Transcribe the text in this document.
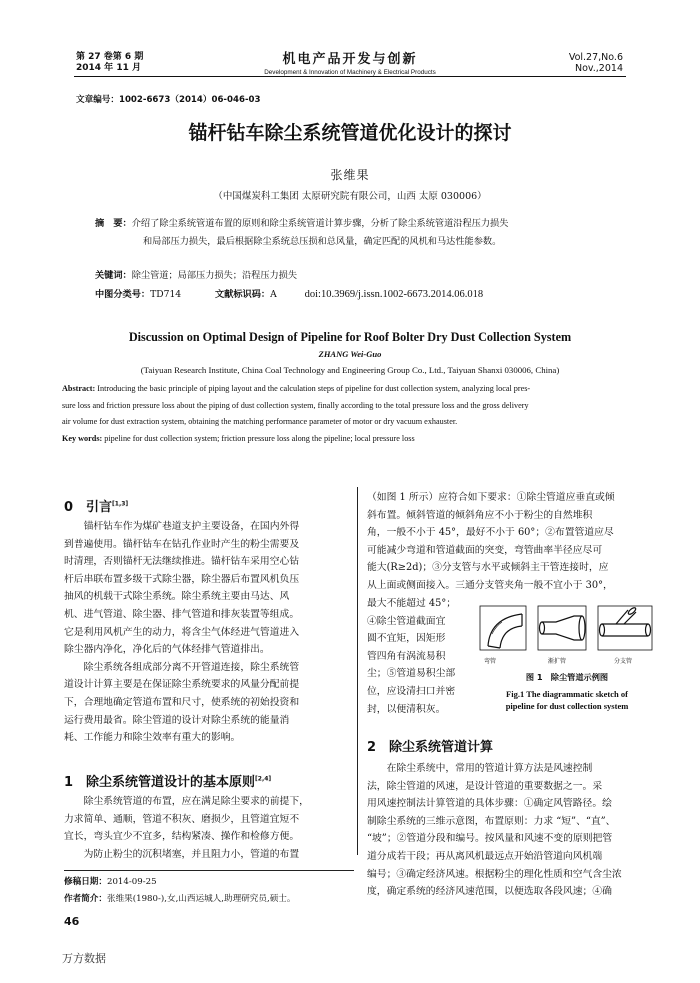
第 27 卷第 6 期
2014 年 11 月
机电产品开发与创新
Development & Innovation of Machinery & Electrical Products
Vol.27,No.6
Nov.,2014
文章编号：1002-6673（2014）06-046-03
锚杆钻车除尘系统管道优化设计的探讨
张维果
（中国煤炭科工集团 太原研究院有限公司，山西 太原 030006）
摘　要：介绍了除尘系统管道布置的原则和除尘系统管道计算步骤，分析了除尘系统管道沿程压力损失
和局部压力损失，最后根据除尘系统总压损和总风量，确定匹配的风机和马达性能参数。
关键词：除尘管道；局部压力损失；沿程压力损失
中图分类号：TD714	文献标识码：A	doi:10.3969/j.issn.1002-6673.2014.06.018
Discussion on Optimal Design of Pipeline for Roof Bolter Dry Dust Collection System
ZHANG Wei-Guo
(Taiyuan Research Institute, China Coal Technology and Engineering Group Co., Ltd., Taiyuan Shanxi 030006, China)
Abstract: Introducing the basic principle of piping layout and the calculation steps of pipeline for dust collection system, analyzing local pres-
sure loss and friction pressure loss about the piping of dust collection system, finally according to the total pressure loss and the gross delivery
air volume for dust extraction system, obtaining the matching performance parameter of motor or dry vacuum exhauster.
Key words: pipeline for dust collection system; friction pressure loss along the pipeline; local pressure loss
0　引言[1,3]
锚杆钻车作为煤矿巷道支护主要设备，在国内外得
到普遍使用。锚杆钻车在钻孔作业时产生的粉尘需要及
时清理，否则锚杆无法继续推进。锚杆钻车采用空心钻
杆后串联布置多级干式除尘器，除尘器后布置风机负压
抽风的机载干式除尘系统。除尘系统主要由马达、风
机、进气管道、除尘器、排气管道和排灰装置等组成。
它是利用风机产生的动力，将含尘气体经进气管道进入
除尘器内净化，净化后的气体经排气管道排出。
除尘系统各组成部分离不开管道连接，除尘系统管
道设计计算主要是在保证除尘系统要求的风量分配前提
下，合理地确定管道布置和尺寸，使系统的初始投资和
运行费用最省。除尘管道的设计对除尘系统的能量消
耗、工作能力和除尘效率有重大的影响。
1　除尘系统管道设计的基本原则[2,4]
除尘系统管道的布置，应在满足除尘要求的前提下，
力求简单、通顺，管道不积灰、磨损少，且管道宜短不
宜长，弯头宜少不宜多，结构紧凑、操作和检修方便。
为防止粉尘的沉积堵塞，并且阻力小，管道的布置
修稿日期：2014-09-25
作者简介：张维果(1980-),女,山西运城人,助理研究员,硕士。
（如图 1 所示）应符合如下要求：①除尘管道应垂直或倾
斜布置。倾斜管道的倾斜角应不小于粉尘的自然堆积
角，一般不小于 45°，最好不小于 60°；②布置管道应尽
可能减少弯道和管道截面的突变，弯管曲率半径应尽可
能大(R≥2d)；③分支管与水平或倾斜主干管连接时，应
从上面或侧面接入。三通分支管夹角一般不宜小于 30°，
最大不能超过 45°；
④除尘管道截面宜
圆不宜矩，因矩形
管四角有涡流易积
尘；⑤管道易积尘部
位，应设清扫口并密
封，以便清积灰。
弯管	渐扩管	分支管
图 1　除尘管道示例图
Fig.1 The diagrammatic sketch of
pipeline for dust collection system
2　除尘系统管道计算
在除尘系统中，常用的管道计算方法是风速控制
法，除尘管道的风速，是设计管道的重要数据之一。采
用风速控制法计算管道的具体步骤：①确定风管路径。绘
制除尘系统的三维示意图，布置原则：力求 “短”、“直”、
“坡”；②管道分段和编号。按风量和风速不变的原则把管
道分成若干段；再从离风机最远点开始沿管道向风机端
编号；③确定经济风速。根据粉尘的理化性质和空气含尘浓
度，确定系统的经济风速范围，以便选取各段风速；④确
46
万方数据
